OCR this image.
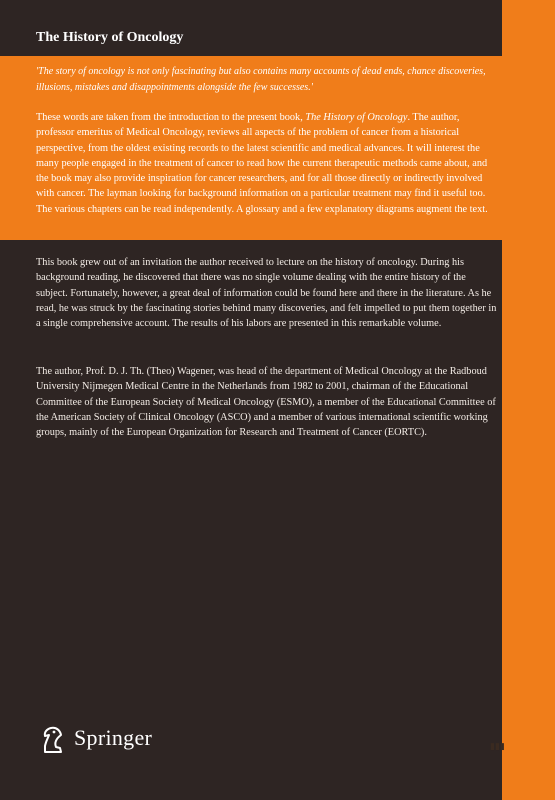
▮▮▮
The History of Oncology

'The story of oncology is not only fascinating but also contains many accounts of dead ends, chance discoveries, illusions, mistakes and disappointments alongside the few successes.'

These words are taken from the introduction to the present book, The History of Oncology. The author, professor emeritus of Medical Oncology, reviews all aspects of the problem of cancer from a historical perspective, from the oldest existing records to the latest scientific and medical advances. It will interest the many people engaged in the treatment of cancer to read how the current therapeutic methods came about, and the book may also provide inspiration for cancer researchers, and for all those directly or indirectly involved with cancer. The layman looking for background information on a particular treatment may find it useful too. The various chapters can be read independently. A glossary and a few explanatory diagrams augment the text.

This book grew out of an invitation the author received to lecture on the history of oncology. During his background reading, he discovered that there was no single volume dealing with the entire history of the subject. Fortunately, however, a great deal of information could be found here and there in the literature. As he read, he was struck by the fascinating stories behind many discoveries, and felt impelled to put them together in a single comprehensive account. The results of his labors are presented in this remarkable volume.

The author, Prof. D. J. Th. (Theo) Wagener, was head of the department of Medical Oncology at the Radboud University Nijmegen Medical Centre in the Netherlands from 1982 to 2001, chairman of the Educational Committee of the European Society of Medical Oncology (ESMO), a member of the Educational Committee of the American Society of Clinical Oncology (ASCO) and a member of various international scientific working groups, mainly of the European Organization for Research and Treatment of Cancer (EORTC).

Springer
